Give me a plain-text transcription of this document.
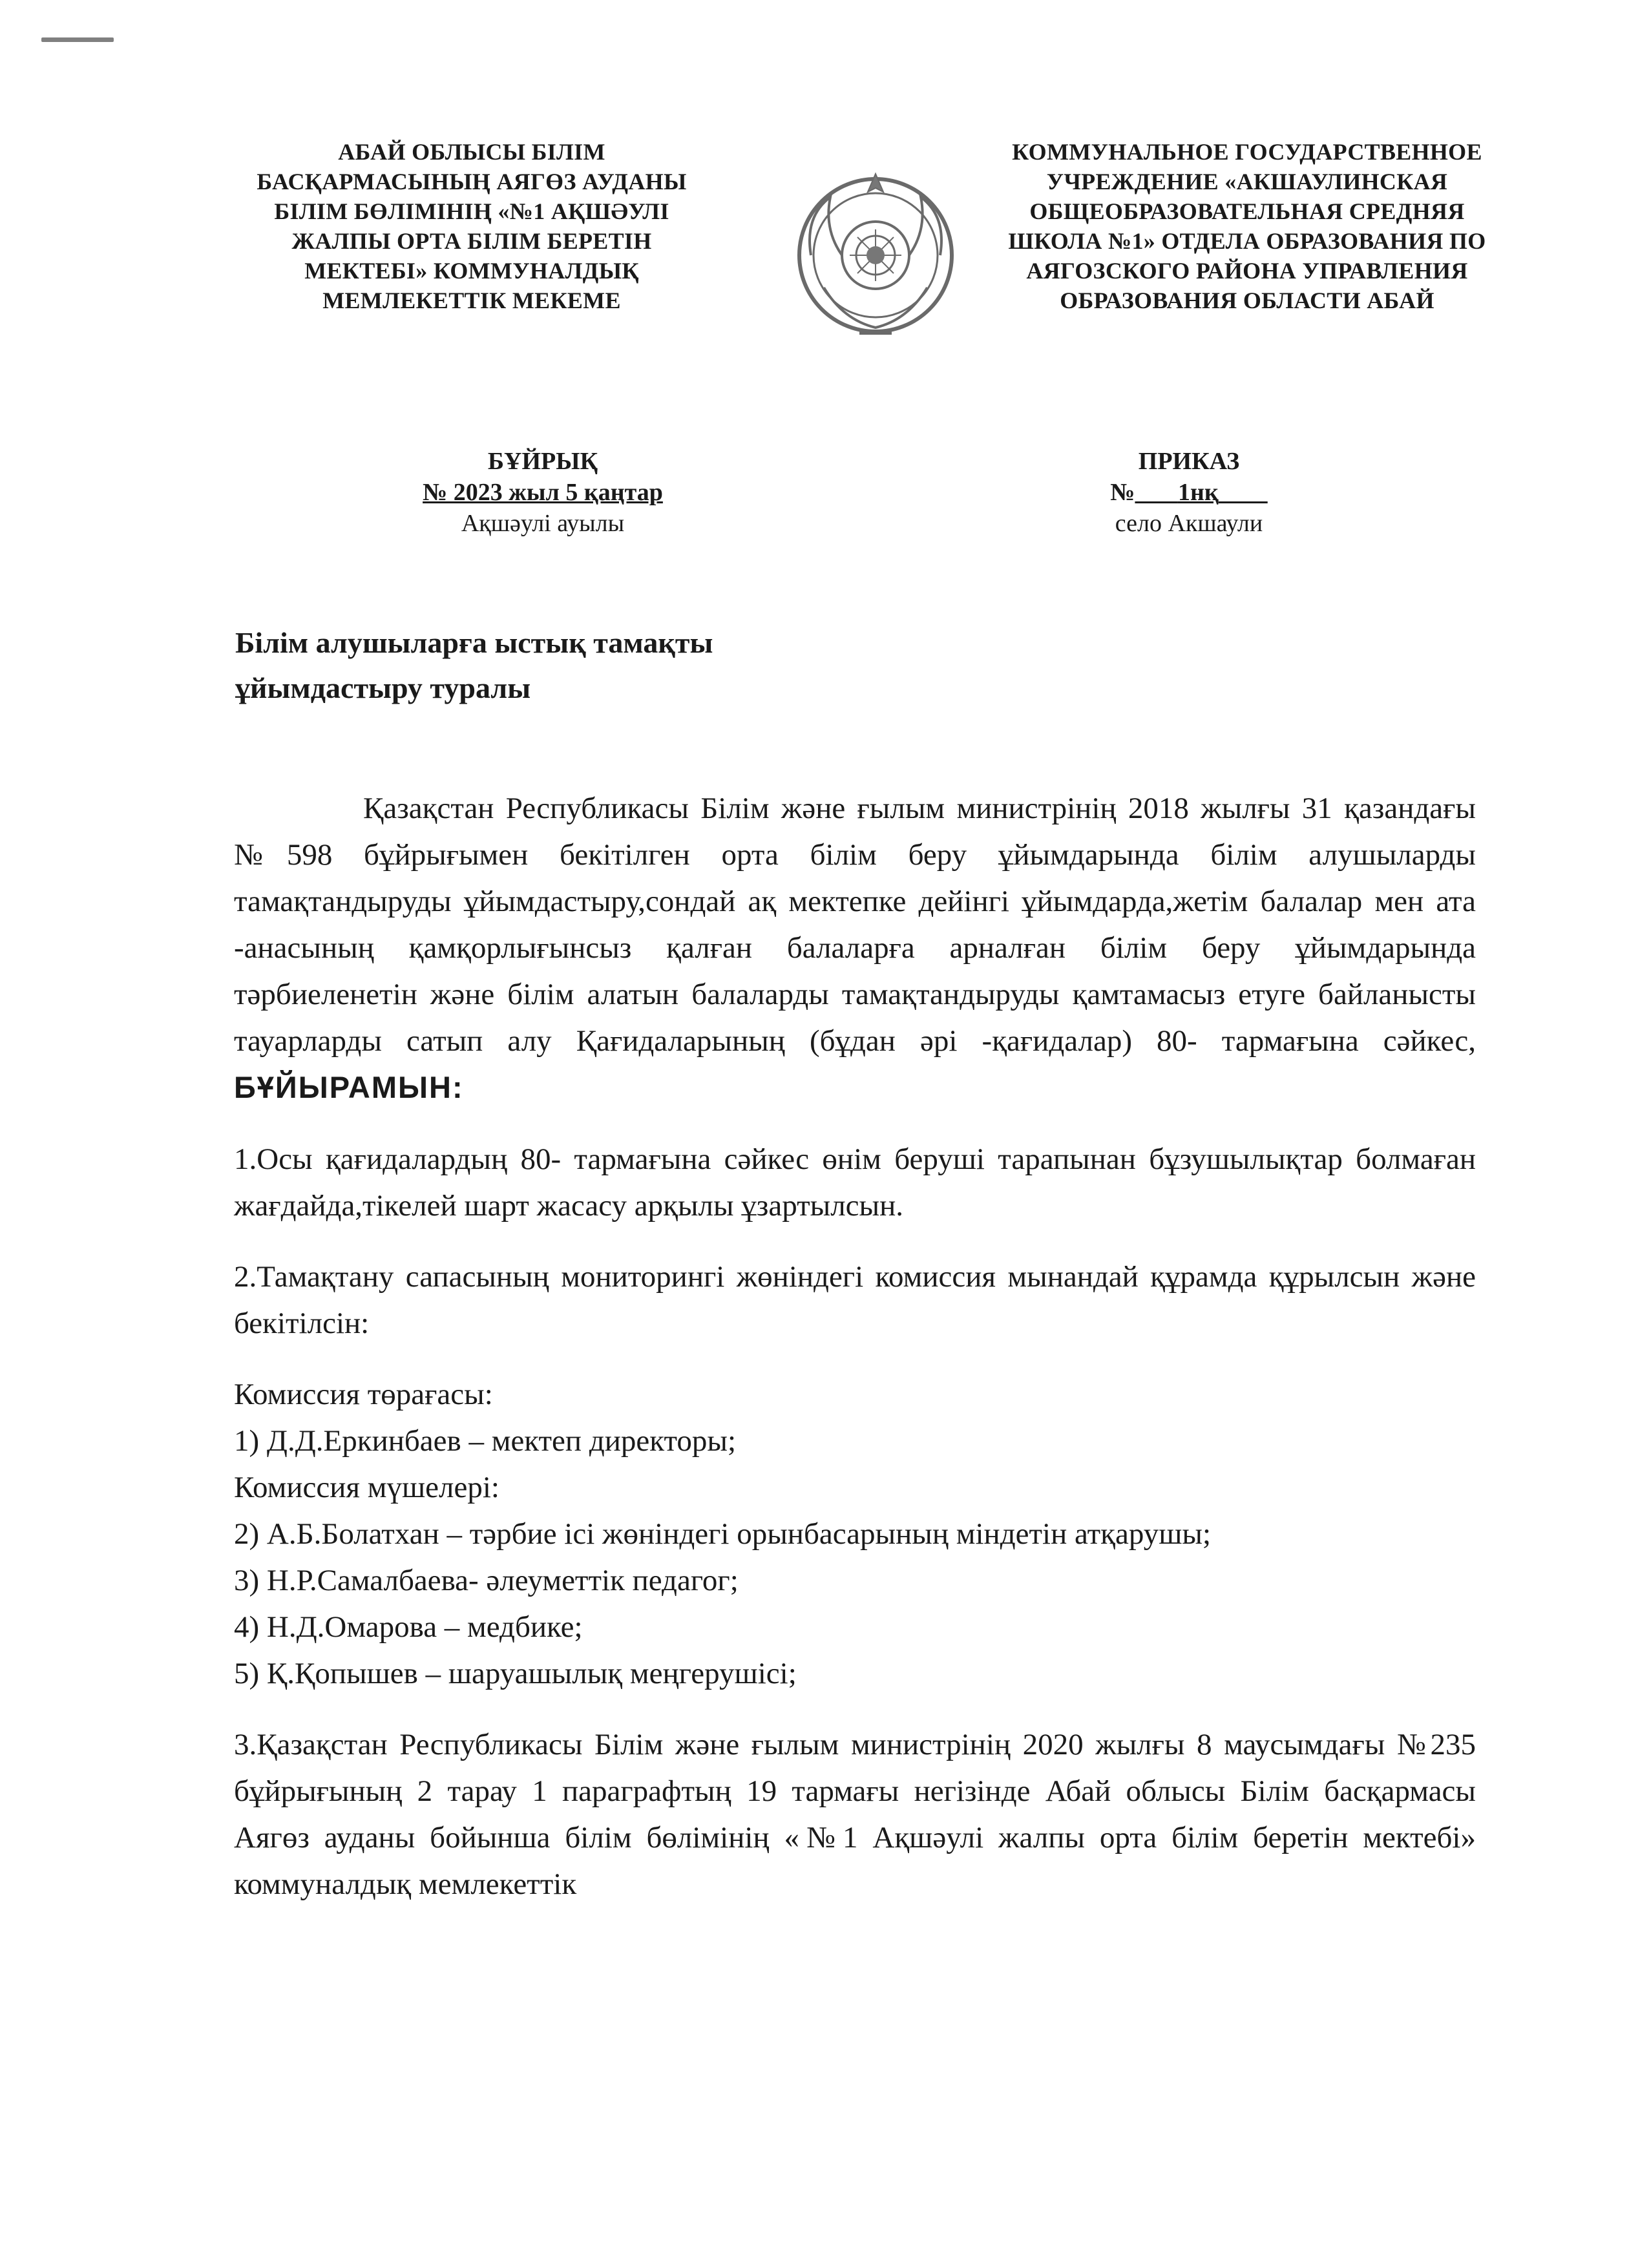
АБАЙ ОБЛЫСЫ БІЛІМ
БАСҚАРМАСЫНЫҢ АЯГӨЗ АУДАНЫ
БІЛІМ БӨЛІМІНІҢ «№1 АҚШӘУЛІ
ЖАЛПЫ ОРТА БІЛІМ БЕРЕТІН
МЕКТЕБІ» КОММУНАЛДЫҚ
МЕМЛЕКЕТТІК МЕКЕМЕ
КОММУНАЛЬНОЕ ГОСУДАРСТВЕННОЕ
УЧРЕЖДЕНИЕ «АКШАУЛИНСКАЯ
ОБЩЕОБРАЗОВАТЕЛЬНАЯ СРЕДНЯЯ
ШКОЛА №1» ОТДЕЛА ОБРАЗОВАНИЯ ПО
АЯГОЗСКОГО РАЙОНА УПРАВЛЕНИЯ
ОБРАЗОВАНИЯ ОБЛАСТИ АБАЙ
БҰЙРЫҚ
№ 2023 жыл 5 қаңтар
Ақшәулі ауылы
ПРИКАЗ
№ 1нқ
село Акшаули
Білім алушыларға ыстық тамақты
ұйымдастыру туралы

Қазақстан Республикасы Білім және ғылым министрінің 2018 жылғы 31 қазандағы №598 бұйрығымен бекітілген орта білім беру ұйымдарында білім алушыларды тамақтандыруды ұйымдастыру,сондай ақ мектепке дейінгі ұйымдарда,жетім балалар мен ата -анасының қамқорлығынсыз қалған балаларға арналған білім беру ұйымдарында тәрбиеленетін және білім алатын балаларды тамақтандыруды қамтамасыз етуге байланысты тауарларды сатып алу Қағидаларының (бұдан әрі -қағидалар) 80- тармағына сәйкес, БҰЙЫРАМЫН:

1.Осы қағидалардың 80- тармағына сәйкес өнім беруші тарапынан бұзушылықтар болмаған жағдайда,тікелей шарт жасасу арқылы ұзартылсын.

2.Тамақтану сапасының мониторингі жөніндегі комиссия мынандай құрамда құрылсын және бекітілсін:

Комиссия төрағасы:
1) Д.Д.Еркинбаев – мектеп директоры;
Комиссия мүшелері:
2) А.Б.Болатхан – тәрбие ісі жөніндегі орынбасарының міндетін атқарушы;
3) Н.Р.Самалбаева- әлеуметтік педагог;
4) Н.Д.Омарова – медбике;
5) Қ.Қопышев – шаруашылық меңгерушісі;

3.Қазақстан Республикасы Білім және ғылым министрінің 2020 жылғы 8 маусымдағы №235 бұйрығының 2 тарау 1 параграфтың 19 тармағы негізінде Абай облысы Білім басқармасы Аягөз ауданы бойынша білім бөлімінің «№1 Ақшәулі жалпы орта білім беретін мектебі» коммуналдық мемлекеттік
